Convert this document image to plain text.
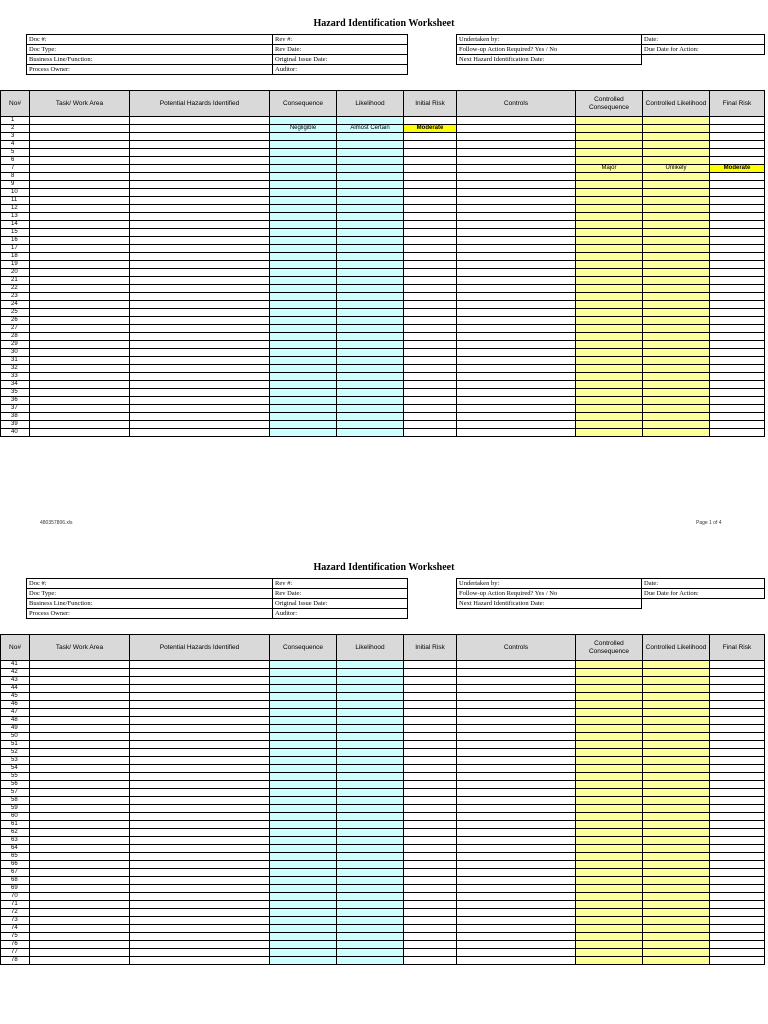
Hazard Identification Worksheet
Doc #:	Rev #:
Doc Type:	Rev Date:
Business Line/Function:	Original Issue Date:
Process Owner:	Auditor:
Undertaken by:	Date:
Follow-up Action Required? Yes / No	Due Date for Action:
Next Hazard Identification Date:	
No#	Task/ Work Area	Potential Hazards Identified	Consequence	Likelihood	Initial Risk	Controls	Controlled Consequence	Controlled Likelihood	Final Risk
1									
2			Negligible	Almost Certain	Moderate				
3									
4									
5									
6									
7							Major	Unlikely	Moderate
8									
9									
10									
11									
12									
13									
14									
15									
16									
17									
18									
19									
20									
21									
22									
23									
24									
25									
26									
27									
28									
29									
30									
31									
32									
33									
34									
35									
36									
37									
38									
39									
40									
480357806.xls	Page 1 of 4
Hazard Identification Worksheet
Doc #:	Rev #:
Doc Type:	Rev Date:
Business Line/Function:	Original Issue Date:
Process Owner:	Auditor:
Undertaken by:	Date:
Follow-up Action Required? Yes / No	Due Date for Action:
Next Hazard Identification Date:	
No#	Task/ Work Area	Potential Hazards Identified	Consequence	Likelihood	Initial Risk	Controls	Controlled Consequence	Controlled Likelihood	Final Risk
41									
42									
43									
44									
45									
46									
47									
48									
49									
50									
51									
52									
53									
54									
55									
56									
57									
58									
59									
60									
61									
62									
63									
64									
65									
66									
67									
68									
69									
70									
71									
72									
73									
74									
75									
76									
77									
78									
